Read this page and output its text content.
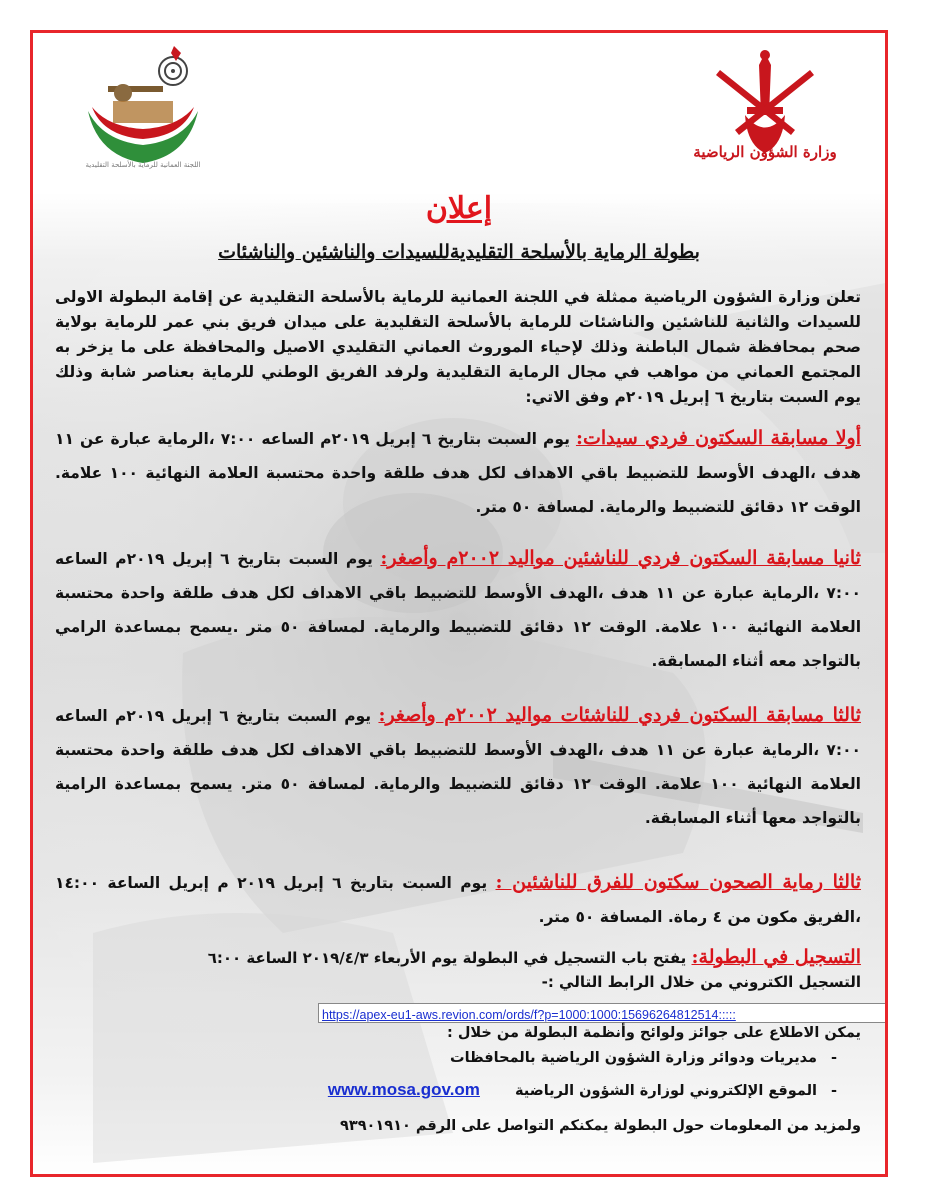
وزارة الشؤون الرياضية
اللجنة العمانية للرماية بالأسلحة التقليدية
إعلان
بطولة الرماية بالأسلحة التقليديةللسيدات والناشئين والناشئات
تعلن وزارة الشؤون الرياضية ممثلة في اللجنة العمانية للرماية بالأسلحة التقليدية عن إقامة البطولة الاولى للسيدات والثانية للناشئين والناشئات للرماية بالأسلحة التقليدية على ميدان فريق بني عمر للرماية بولاية صحم بمحافظة شمال الباطنة وذلك لإحياء الموروث العماني التقليدي الاصيل والمحافظة على ما يزخر به المجتمع العماني من مواهب في مجال الرماية التقليدية ولرفد الفريق الوطني للرماية بعناصر شابة وذلك يوم السبت بتاريخ ٦ إبريل ٢٠١٩م وفق الاتي:
أولا مسابقة السكتون فردي سيدات: يوم السبت بتاريخ ٦ إبريل ٢٠١٩م الساعه ٧:٠٠ ،الرماية عبارة عن ١١ هدف ،الهدف الأوسط للتضبيط باقي الاهداف لكل هدف طلقة واحدة محتسبة العلامة النهائية ١٠٠ علامة. الوقت ١٢ دقائق للتضبيط والرماية. لمسافة ٥٠ متر.
ثانيا مسابقة السكتون فردي للناشئين مواليد ٢٠٠٢م وأصغر: يوم السبت بتاريخ ٦ إبريل ٢٠١٩م الساعه ٧:٠٠ ،الرماية عبارة عن ١١ هدف ،الهدف الأوسط للتضبيط باقي الاهداف لكل هدف طلقة واحدة محتسبة العلامة النهائية ١٠٠ علامة. الوقت ١٢ دقائق للتضبيط والرماية. لمسافة ٥٠ متر .يسمح بمساعدة الرامي بالتواجد معه أثناء المسابقة.
ثالثا مسابقة السكتون فردي للناشئات مواليد ٢٠٠٢م وأصغر: يوم السبت بتاريخ ٦ إبريل ٢٠١٩م الساعه ٧:٠٠ ،الرماية عبارة عن ١١ هدف ،الهدف الأوسط للتضبيط باقي الاهداف لكل هدف طلقة واحدة محتسبة العلامة النهائية ١٠٠ علامة. الوقت ١٢ دقائق للتضبيط والرماية. لمسافة ٥٠ متر. يسمح بمساعدة الرامية بالتواجد معها أثناء المسابقة.
ثالثا رماية الصحون سكتون للفرق للناشئين : يوم السبت بتاريخ ٦ إبريل ٢٠١٩ م إبريل الساعة ١٤:٠٠ ،الفريق مكون من ٤ رماة. المسافة ٥٠ متر.
التسجيل في البطولة: يفتح باب التسجيل في البطولة يوم الأربعاء ٢٠١٩/٤/٣ الساعة ٦:٠٠
التسجيل الكتروني من خلال الرابط التالي :-
https://apex-eu1-aws.revion.com/ords/f?p=1000:1000:15696264812514:::::
يمكن الاطلاع على جوائز ولوائح وأنظمة البطولة من خلال :
-مديريات ودوائر وزارة الشؤون الرياضية بالمحافظات
-الموقع الإلكتروني لوزارة الشؤون الرياضية www.mosa.gov.om
ولمزيد من المعلومات حول البطولة يمكنكم التواصل على الرقم ٩٣٩٠١٩١٠
